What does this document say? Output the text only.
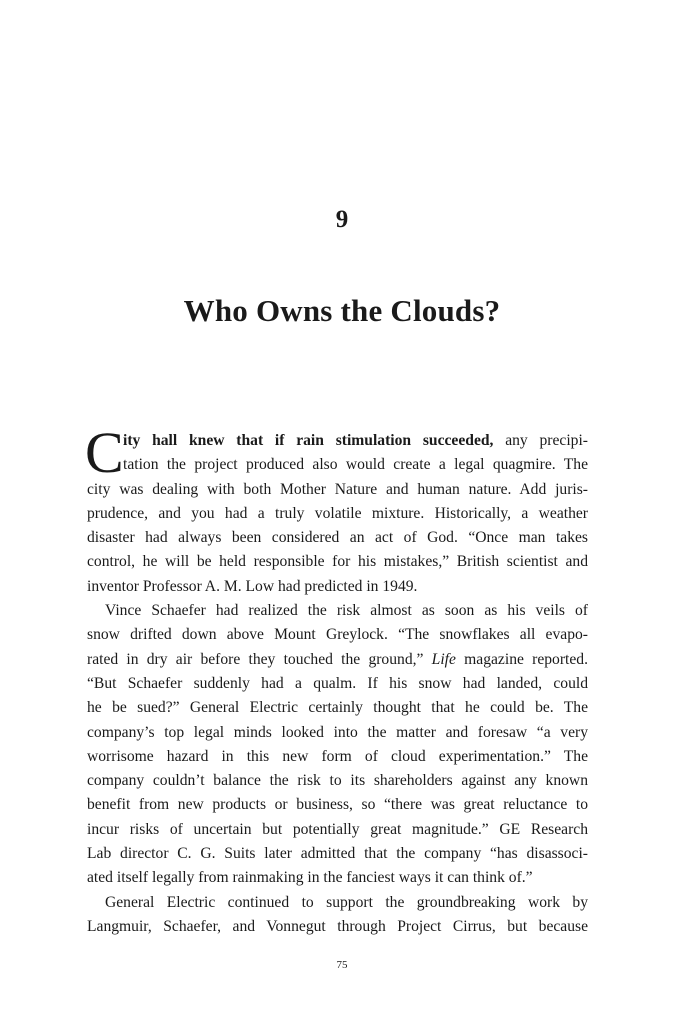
9
Who Owns the Clouds?
C ity hall knew that if rain stimulation succeeded, any precipi-
tation the project produced also would create a legal quagmire. The
city was dealing with both Mother Nature and human nature. Add juris-
prudence, and you had a truly volatile mixture. Historically, a weather
disaster had always been considered an act of God. “Once man takes
control, he will be held responsible for his mistakes,” British scientist and
inventor Professor A. M. Low had predicted in 1949.
Vince Schaefer had realized the risk almost as soon as his veils of
snow drifted down above Mount Greylock. “The snowflakes all evapo-
rated in dry air before they touched the ground,” Life magazine reported.
“But Schaefer suddenly had a qualm. If his snow had landed, could
he be sued?” General Electric certainly thought that he could be. The
company’s top legal minds looked into the matter and foresaw “a very
worrisome hazard in this new form of cloud experimentation.” The
company couldn’t balance the risk to its shareholders against any known
benefit from new products or business, so “there was great reluctance to
incur risks of uncertain but potentially great magnitude.” GE Research
Lab director C. G. Suits later admitted that the company “has disassoci-
ated itself legally from rainmaking in the fanciest ways it can think of.”
General Electric continued to support the groundbreaking work by
Langmuir, Schaefer, and Vonnegut through Project Cirrus, but because
75
